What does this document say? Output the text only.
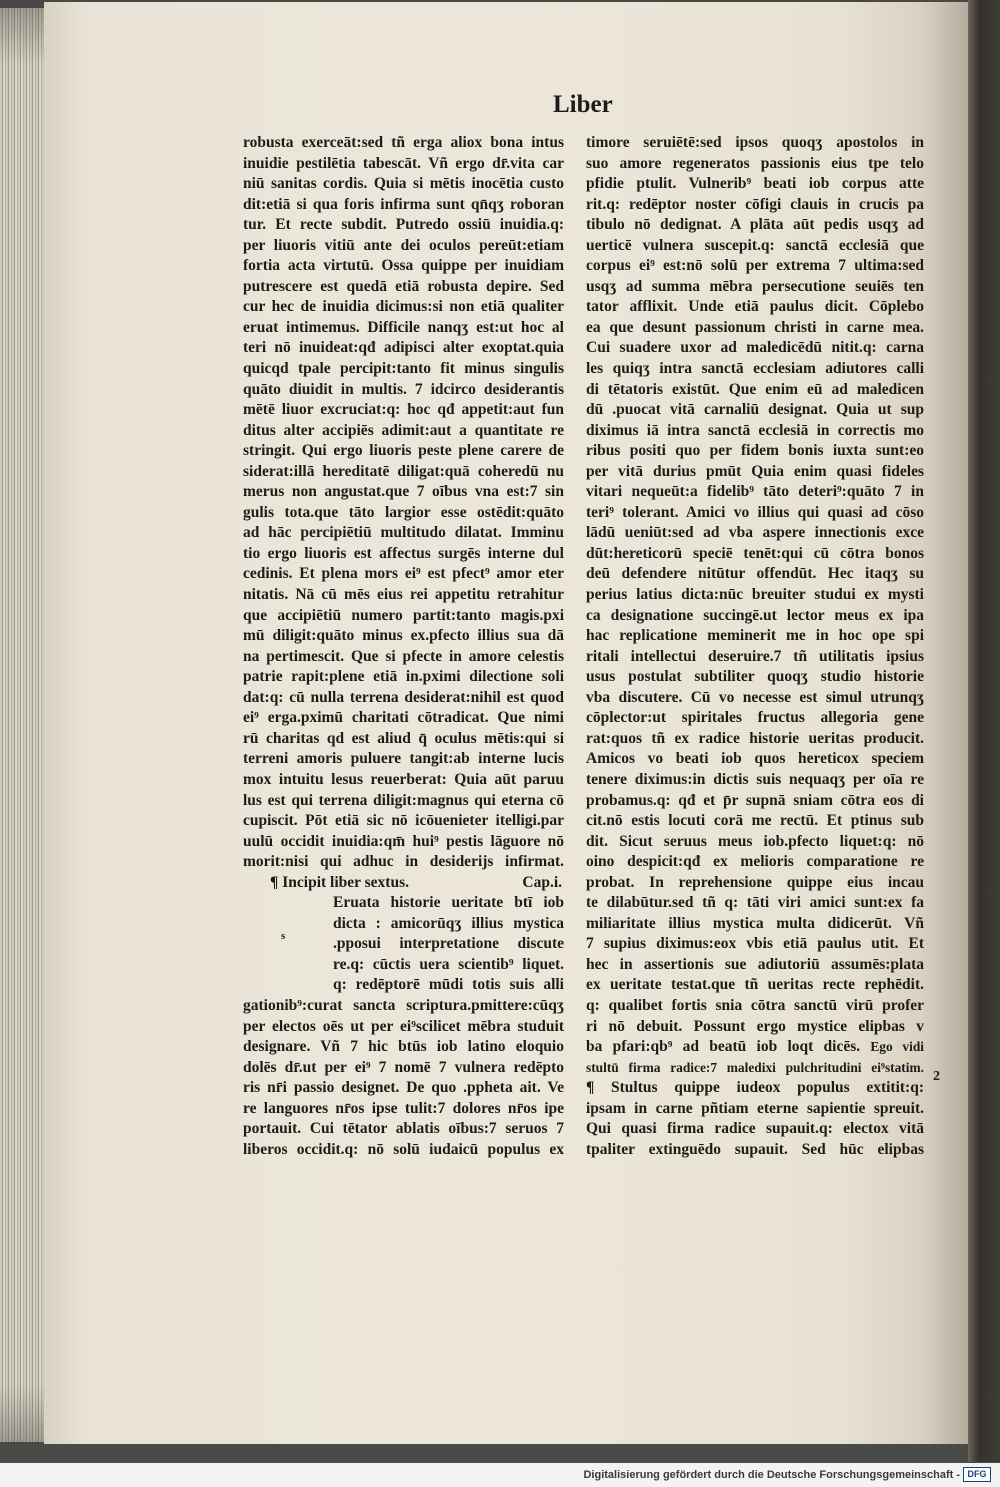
Liber
robusta exerceāt:sed tñ erga aliox bona intus
inuidie pestilētia tabescāt. Vñ ergo dr̄.vita car
niū sanitas cordis. Quia si mētis inocētia custo
dit:etiā si qua foris infirma sunt qn̄qʒ roboran
tur. Et recte subdit. Putredo ossiū inuidia.q:
per liuoris vitiū ante dei oculos pereūt:etiam
fortia acta virtutū. Ossa quippe per inuidiam
putrescere est quedā etiā robusta depire. Sed
cur hec de inuidia dicimus:si non etiā qualiter
eruat intimemus. Difficile nanqʒ est:ut hoc al
teri nō inuideat:qđ adipisci alter exoptat.quia
quicqd tpale percipit:tanto fit minus singulis
quāto diuidit in multis. 7 idcirco desiderantis
mētē liuor excruciat:q: hoc qđ appetit:aut fun
ditus alter accipiēs adimit:aut a quantitate re
stringit. Qui ergo liuoris peste plene carere de
siderat:illā hereditatē diligat:quā coheredū nu
merus non angustat.que 7 oībus vna est:7 sin
gulis tota.que tāto largior esse ostēdit:quāto
ad hāc percipiētiū multitudo dilatat. Imminu
tio ergo liuoris est affectus surgēs interne dul
cedinis. Et plena mors ei⁹ est pfect⁹ amor eter
nitatis. Nā cū mēs eius rei appetitu retrahitur
que accipiētiū numero partit:tanto magis.pxi
mū diligit:quāto minus ex.pfecto illius sua dā
na pertimescit. Que si pfecte in amore celestis
patrie rapit:plene etiā in.pximi dilectione soli
dat:q: cū nulla terrena desiderat:nihil est quod
ei⁹ erga.pximū charitati cōtradicat. Que nimi
rū charitas qd est aliud q̄ oculus mētis:qui si
terreni amoris puluere tangit:ab interne lucis
mox intuitu lesus reuerberat: Quia aūt paruu
lus est qui terrena diligit:magnus qui eterna cō
cupiscit. Pōt etiā sic nō icōuenieter itelligi.par
uulū occidit inuidia:qm̄ hui⁹ pestis lāguore nō
morit:nisi qui adhuc in desiderijs infirmat.
¶ Incipit liber sextus.	Cap.i.
Eruata historie ueritate btī iob
dicta : amicorūqʒ illius mystica
.pposui interpretatione discute
re.q: cūctis uera scientib⁹ liquet.
q: redēptorē mūdi totis suis alli
gationib⁹:curat sancta scriptura.pmittere:cūqʒ
per electos oēs ut per ei⁹scilicet mēbra studuit
designare. Vñ 7 hic btūs iob latino eloquio
dolēs dr̄.ut per ei⁹ 7 nomē 7 vulnera redēpto
ris nr̄i passio designet. De quo .ppheta ait. Ve
re languores nr̄os ipse tulit:7 dolores nr̄os ipe
portauit. Cui tētator ablatis oībus:7 seruos 7
liberos occidit.q: nō solū iudaicū populus ex
s
timore seruiētē:sed ipsos quoqʒ apostolos in
suo amore regeneratos passionis eius tpe telo
pfidie ptulit. Vulnerib⁹ beati iob corpus atte
rit.q: redēptor noster cōfigi clauis in crucis pa
tibulo nō dedignat. A plāta aūt pedis usqʒ ad
uerticē vulnera suscepit.q: sanctā ecclesiā que
corpus ei⁹ est:nō solū per extrema 7 ultima:sed
usqʒ ad summa mēbra persecutione seuiēs ten
tator afflixit. Unde etiā paulus dicit. Cōplebo
ea que desunt passionum christi in carne mea.
Cui suadere uxor ad maledicēdū nitit.q: carna
les quiqʒ intra sanctā ecclesiam adiutores calli
di tētatoris existūt. Que enim eū ad maledicen
dū .puocat vitā carnaliū designat. Quia ut sup
diximus iā intra sanctā ecclesiā in correctis mo
ribus positi quo per fidem bonis iuxta sunt:eo
per vitā durius pmūt Quia enim quasi fideles
vitari nequeūt:a fidelib⁹ tāto deteri⁹:quāto 7 in
teri⁹ tolerant. Amici vo illius qui quasi ad cōso
lādū ueniūt:sed ad vba aspere innectionis exce
dūt:hereticorū speciē tenēt:qui cū cōtra bonos
deū defendere nitūtur offendūt. Hec itaqʒ su
perius latius dicta:nūc breuiter studui ex mysti
ca designatione succingē.ut lector meus ex ipa
hac replicatione meminerit me in hoc ope spi
ritali intellectui deseruire.7 tñ utilitatis ipsius
usus postulat subtiliter quoqʒ studio historie
vba discutere. Cū vo necesse est simul utrunqʒ
cōplector:ut spiritales fructus allegoria gene
rat:quos tñ ex radice historie ueritas producit.
Amicos vo beati iob quos hereticox speciem
tenere diximus:in dictis suis nequaqʒ per oīa re
probamus.q: qđ et p̄r supnā sniam cōtra eos di
cit.nō estis locuti corā me rectū. Et ptinus sub
dit. Sicut seruus meus iob.pfecto liquet:q: nō
oino despicit:qđ ex melioris comparatione re
probat. In reprehensione quippe eius incau
te dilabūtur.sed tñ q: tāti viri amici sunt:ex fa
miliaritate illius mystica multa didicerūt. Vñ
7 supius diximus:eox vbis etiā paulus utit. Et
hec in assertionis sue adiutoriū assumēs:plata
ex ueritate testat.que tñ ueritas recte rephēdit.
q: qualibet fortis snia cōtra sanctū virū profer
ri nō debuit. Possunt ergo mystice elipbas v
ba pfari:qb⁹ ad beatū iob loqt dicēs. Ego vidi
stultū firma radice:7 maledixi pulchritudini ei⁹statim.
¶ Stultus quippe iudeox populus extitit:q:
ipsam in carne pñtiam eterne sapientie spreuit.
Qui quasi firma radice supauit.q: electox vitā
tpaliter extinguēdo supauit. Sed hūc elipbas
2
Digitalisierung gefördert durch die Deutsche Forschungsgemeinschaft - DFG
